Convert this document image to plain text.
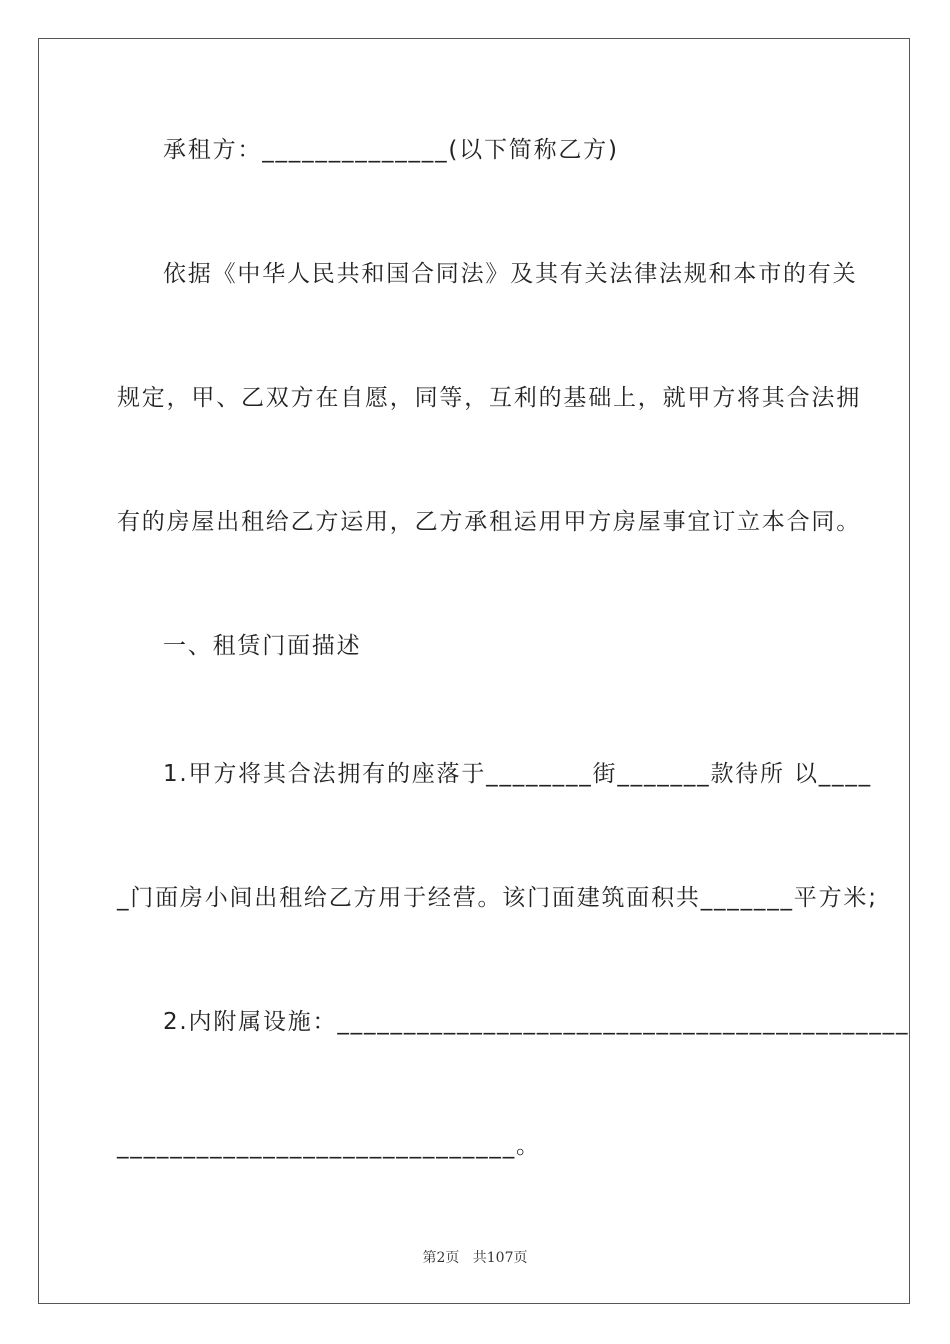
承租方：______________(以下简称乙方)
依据《中华人民共和国合同法》及其有关法律法规和本市的有关
规定，甲、乙双方在自愿，同等，互利的基础上，就甲方将其合法拥
有的房屋出租给乙方运用，乙方承租运用甲方房屋事宜订立本合同。
一、租赁门面描述
1.甲方将其合法拥有的座落于________街_______款待所 以____
_门面房小间出租给乙方用于经营。该门面建筑面积共_______平方米;
2.内附属设施：___________________________________________
______________________________。
第2页   共107页
